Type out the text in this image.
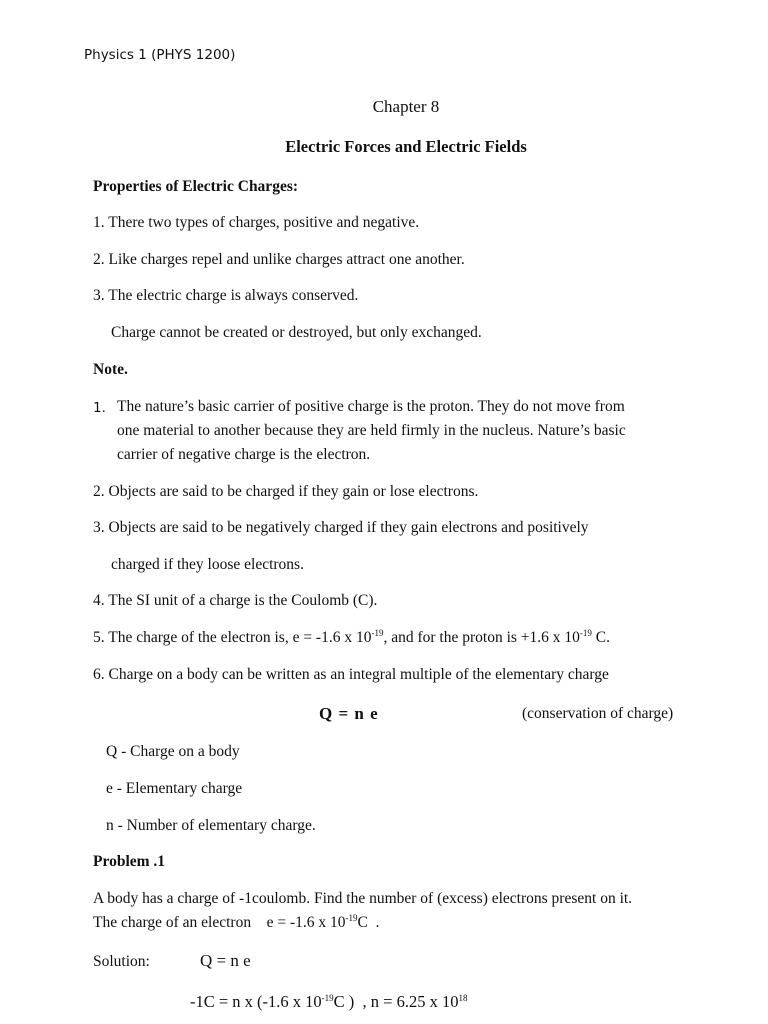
Physics 1 (PHYS 1200)
Chapter 8
Electric Forces and Electric Fields
Properties of Electric Charges:
1. There two types of charges, positive and negative.
2. Like charges repel and unlike charges attract one another.
3. The electric charge is always conserved.
Charge cannot be created or destroyed, but only exchanged.
Note.
1. The nature’s basic carrier of positive charge is the proton. They do not move from
one material to another because they are held firmly in the nucleus. Nature’s basic
carrier of negative charge is the electron.
2. Objects are said to be charged if they gain or lose electrons.
3. Objects are said to be negatively charged if they gain electrons and positively
charged if they loose electrons.
4. The SI unit of a charge is the Coulomb (C).
5. The charge of the electron is, e = -1.6 x $10^{-19}$, and for the proton is +1.6 x $10^{-19}$ C.
6. Charge on a body can be written as an integral multiple of the elementary charge
Q = n e	(conservation of charge)
Q - Charge on a body
e - Elementary charge
n - Number of elementary charge.
Problem .1
A body has a charge of -1coulomb. Find the number of (excess) electrons present on it.
The charge of an electron    e = -1.6 x $10^{-19}C$  .
Solution:	Q = n e
-1C = n x (-1.6 x $10^{-19}C$ )  , n = 6.25 x $10^{18}$
